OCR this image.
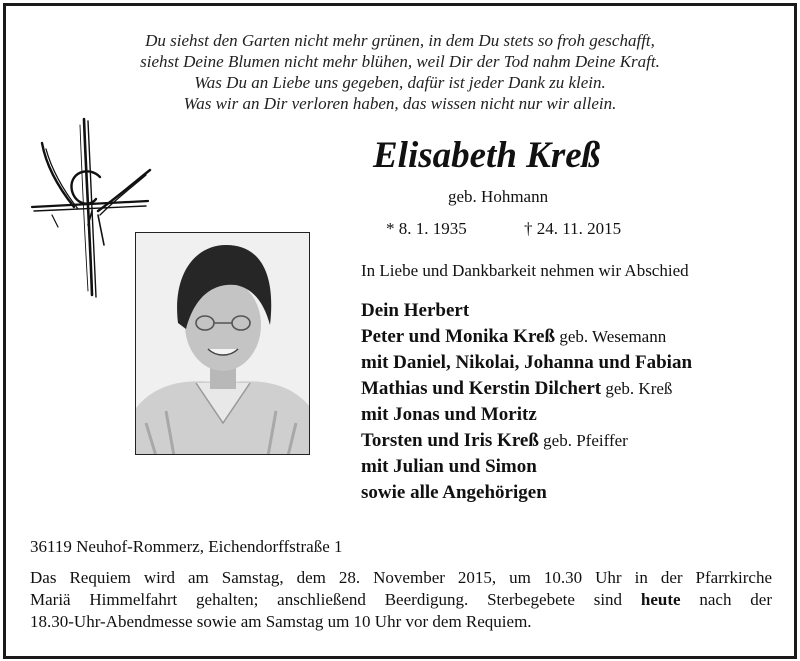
Du siehst den Garten nicht mehr grünen, in dem Du stets so froh geschafft,
siehst Deine Blumen nicht mehr blühen, weil Dir der Tod nahm Deine Kraft.
Was Du an Liebe uns gegeben, dafür ist jeder Dank zu klein.
Was wir an Dir verloren haben, das wissen nicht nur wir allein.
Elisabeth Kreß
geb. Hohmann
* 8. 1. 1935	† 24. 11. 2015
In Liebe und Dankbarkeit nehmen wir Abschied
Dein Herbert
Peter und Monika Kreß geb. Wesemann
mit Daniel, Nikolai, Johanna und Fabian
Mathias und Kerstin Dilchert geb. Kreß
mit Jonas und Moritz
Torsten und Iris Kreß geb. Pfeiffer
mit Julian und Simon
sowie alle Angehörigen
36119 Neuhof-Rommerz, Eichendorffstraße 1
Das Requiem wird am Samstag, dem 28. November 2015, um 10.30 Uhr in der Pfarrkirche
Mariä Himmelfahrt gehalten; anschließend Beerdigung. Sterbegebete sind heute nach der
18.30-Uhr-Abendmesse sowie am Samstag um 10 Uhr vor dem Requiem.
